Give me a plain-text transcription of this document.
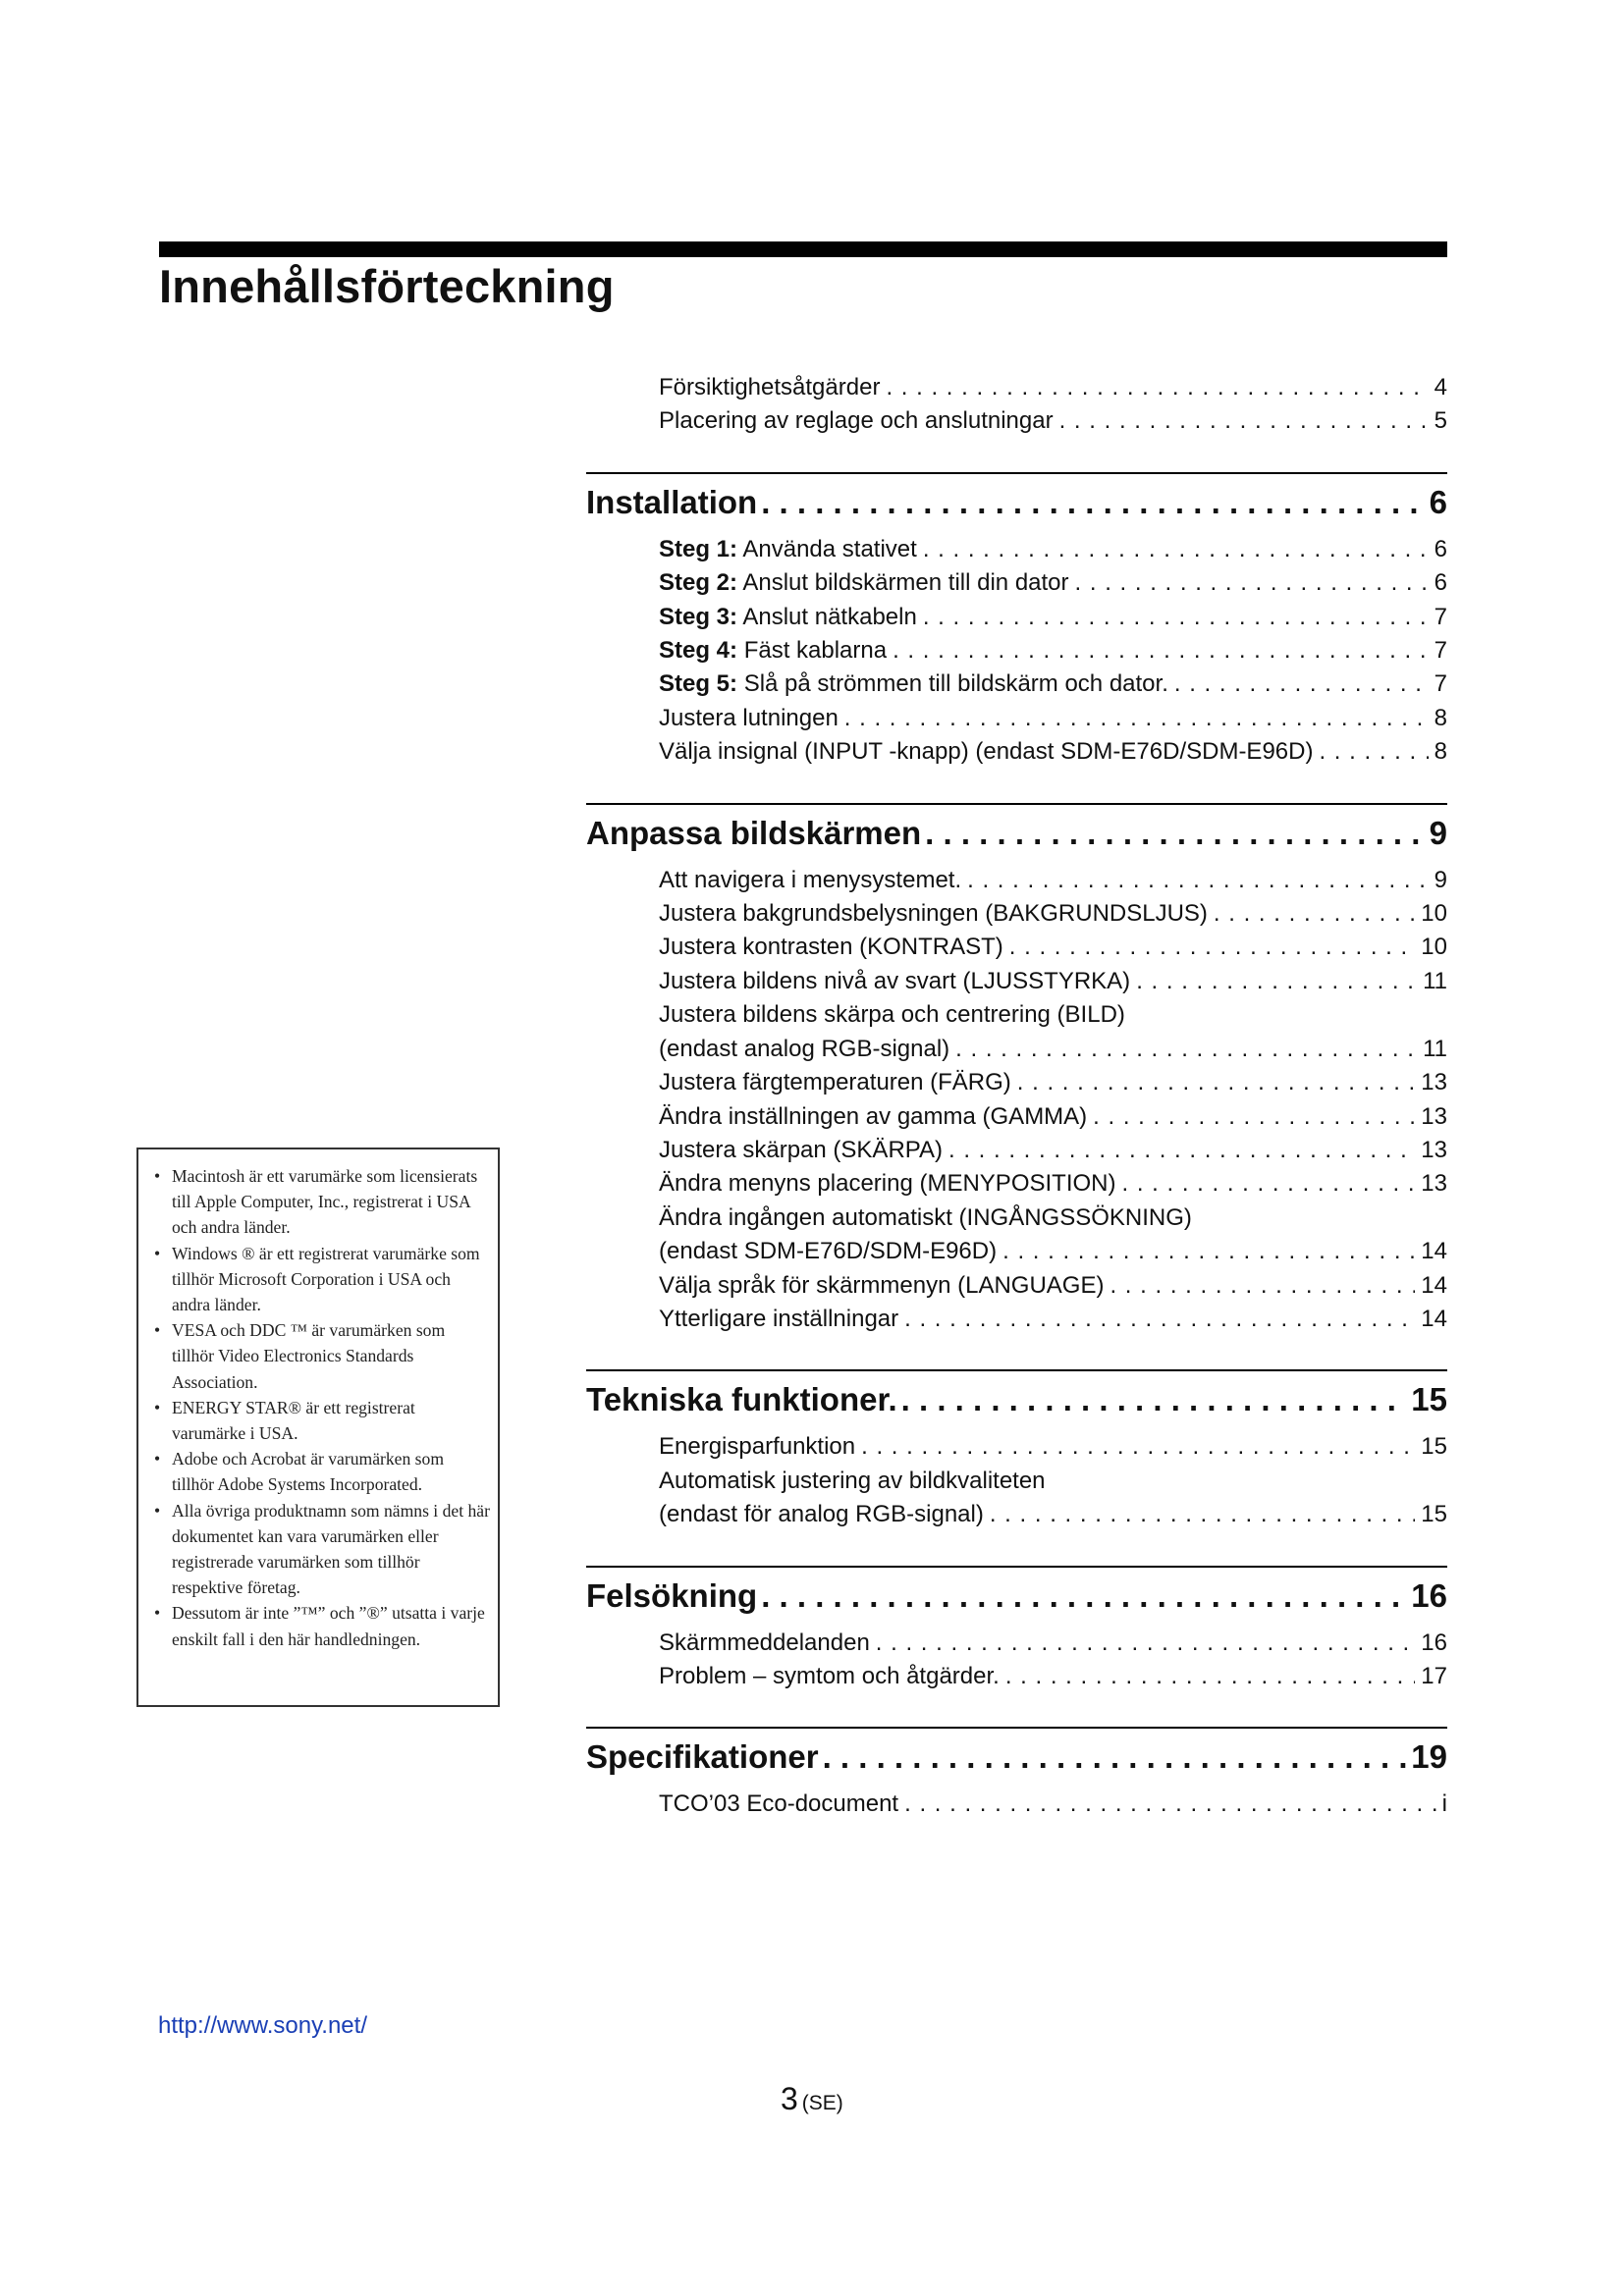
Innehållsförteckning
Försiktighetsåtgärder . . .	4
Placering av reglage och anslutningar . . .	5
Installation . . .	6
Steg 1: Använda stativet . . .	6
Steg 2: Anslut bildskärmen till din dator . . .	6
Steg 3: Anslut nätkabeln . . .	7
Steg 4: Fäst kablarna . . .	7
Steg 5: Slå på strömmen till bildskärm och dator. . . .	7
Justera lutningen . . .	8
Välja insignal (INPUT -knapp) (endast SDM-E76D/SDM-E96D) . . .	8
Anpassa bildskärmen . . .	9
Att navigera i menysystemet. . . .	9
Justera bakgrundsbelysningen (BAKGRUNDSLJUS) . . .	10
Justera kontrasten (KONTRAST) . . .	10
Justera bildens nivå av svart (LJUSSTYRKA) . . .	11
Justera bildens skärpa och centrering (BILD)
(endast analog RGB-signal) . . .	11
Justera färgtemperaturen (FÄRG) . . .	13
Ändra inställningen av gamma (GAMMA) . . .	13
Justera skärpan (SKÄRPA) . . .	13
Ändra menyns placering (MENYPOSITION) . . .	13
Ändra ingången automatiskt (INGÅNGSSÖKNING)
(endast SDM-E76D/SDM-E96D) . . .	14
Välja språk för skärmmenyn (LANGUAGE) . . .	14
Ytterligare inställningar . . .	14
Tekniska funktioner. . . .	15
Energisparfunktion . . .	15
Automatisk justering av bildkvaliteten
(endast för analog RGB-signal) . . .	15
Felsökning . . .	16
Skärmmeddelanden . . .	16
Problem – symtom och åtgärder. . . .	17
Specifikationer . . .	19
TCO’03 Eco-document . . .	i
• Macintosh är ett varumärke som licensierats till Apple Computer, Inc., registrerat i USA och andra länder.
• Windows ® är ett registrerat varumärke som tillhör Microsoft Corporation i USA och andra länder.
• VESA och DDC ™ är varumärken som tillhör Video Electronics Standards Association.
• ENERGY STAR® är ett registrerat varumärke i USA.
• Adobe och Acrobat är varumärken som tillhör Adobe Systems Incorporated.
• Alla övriga produktnamn som nämns i det här dokumentet kan vara varumärken eller registrerade varumärken som tillhör respektive företag.
• Dessutom är inte ”™” och ”®” utsatta i varje enskilt fall i den här handledningen.
http://www.sony.net/
3 (SE)
